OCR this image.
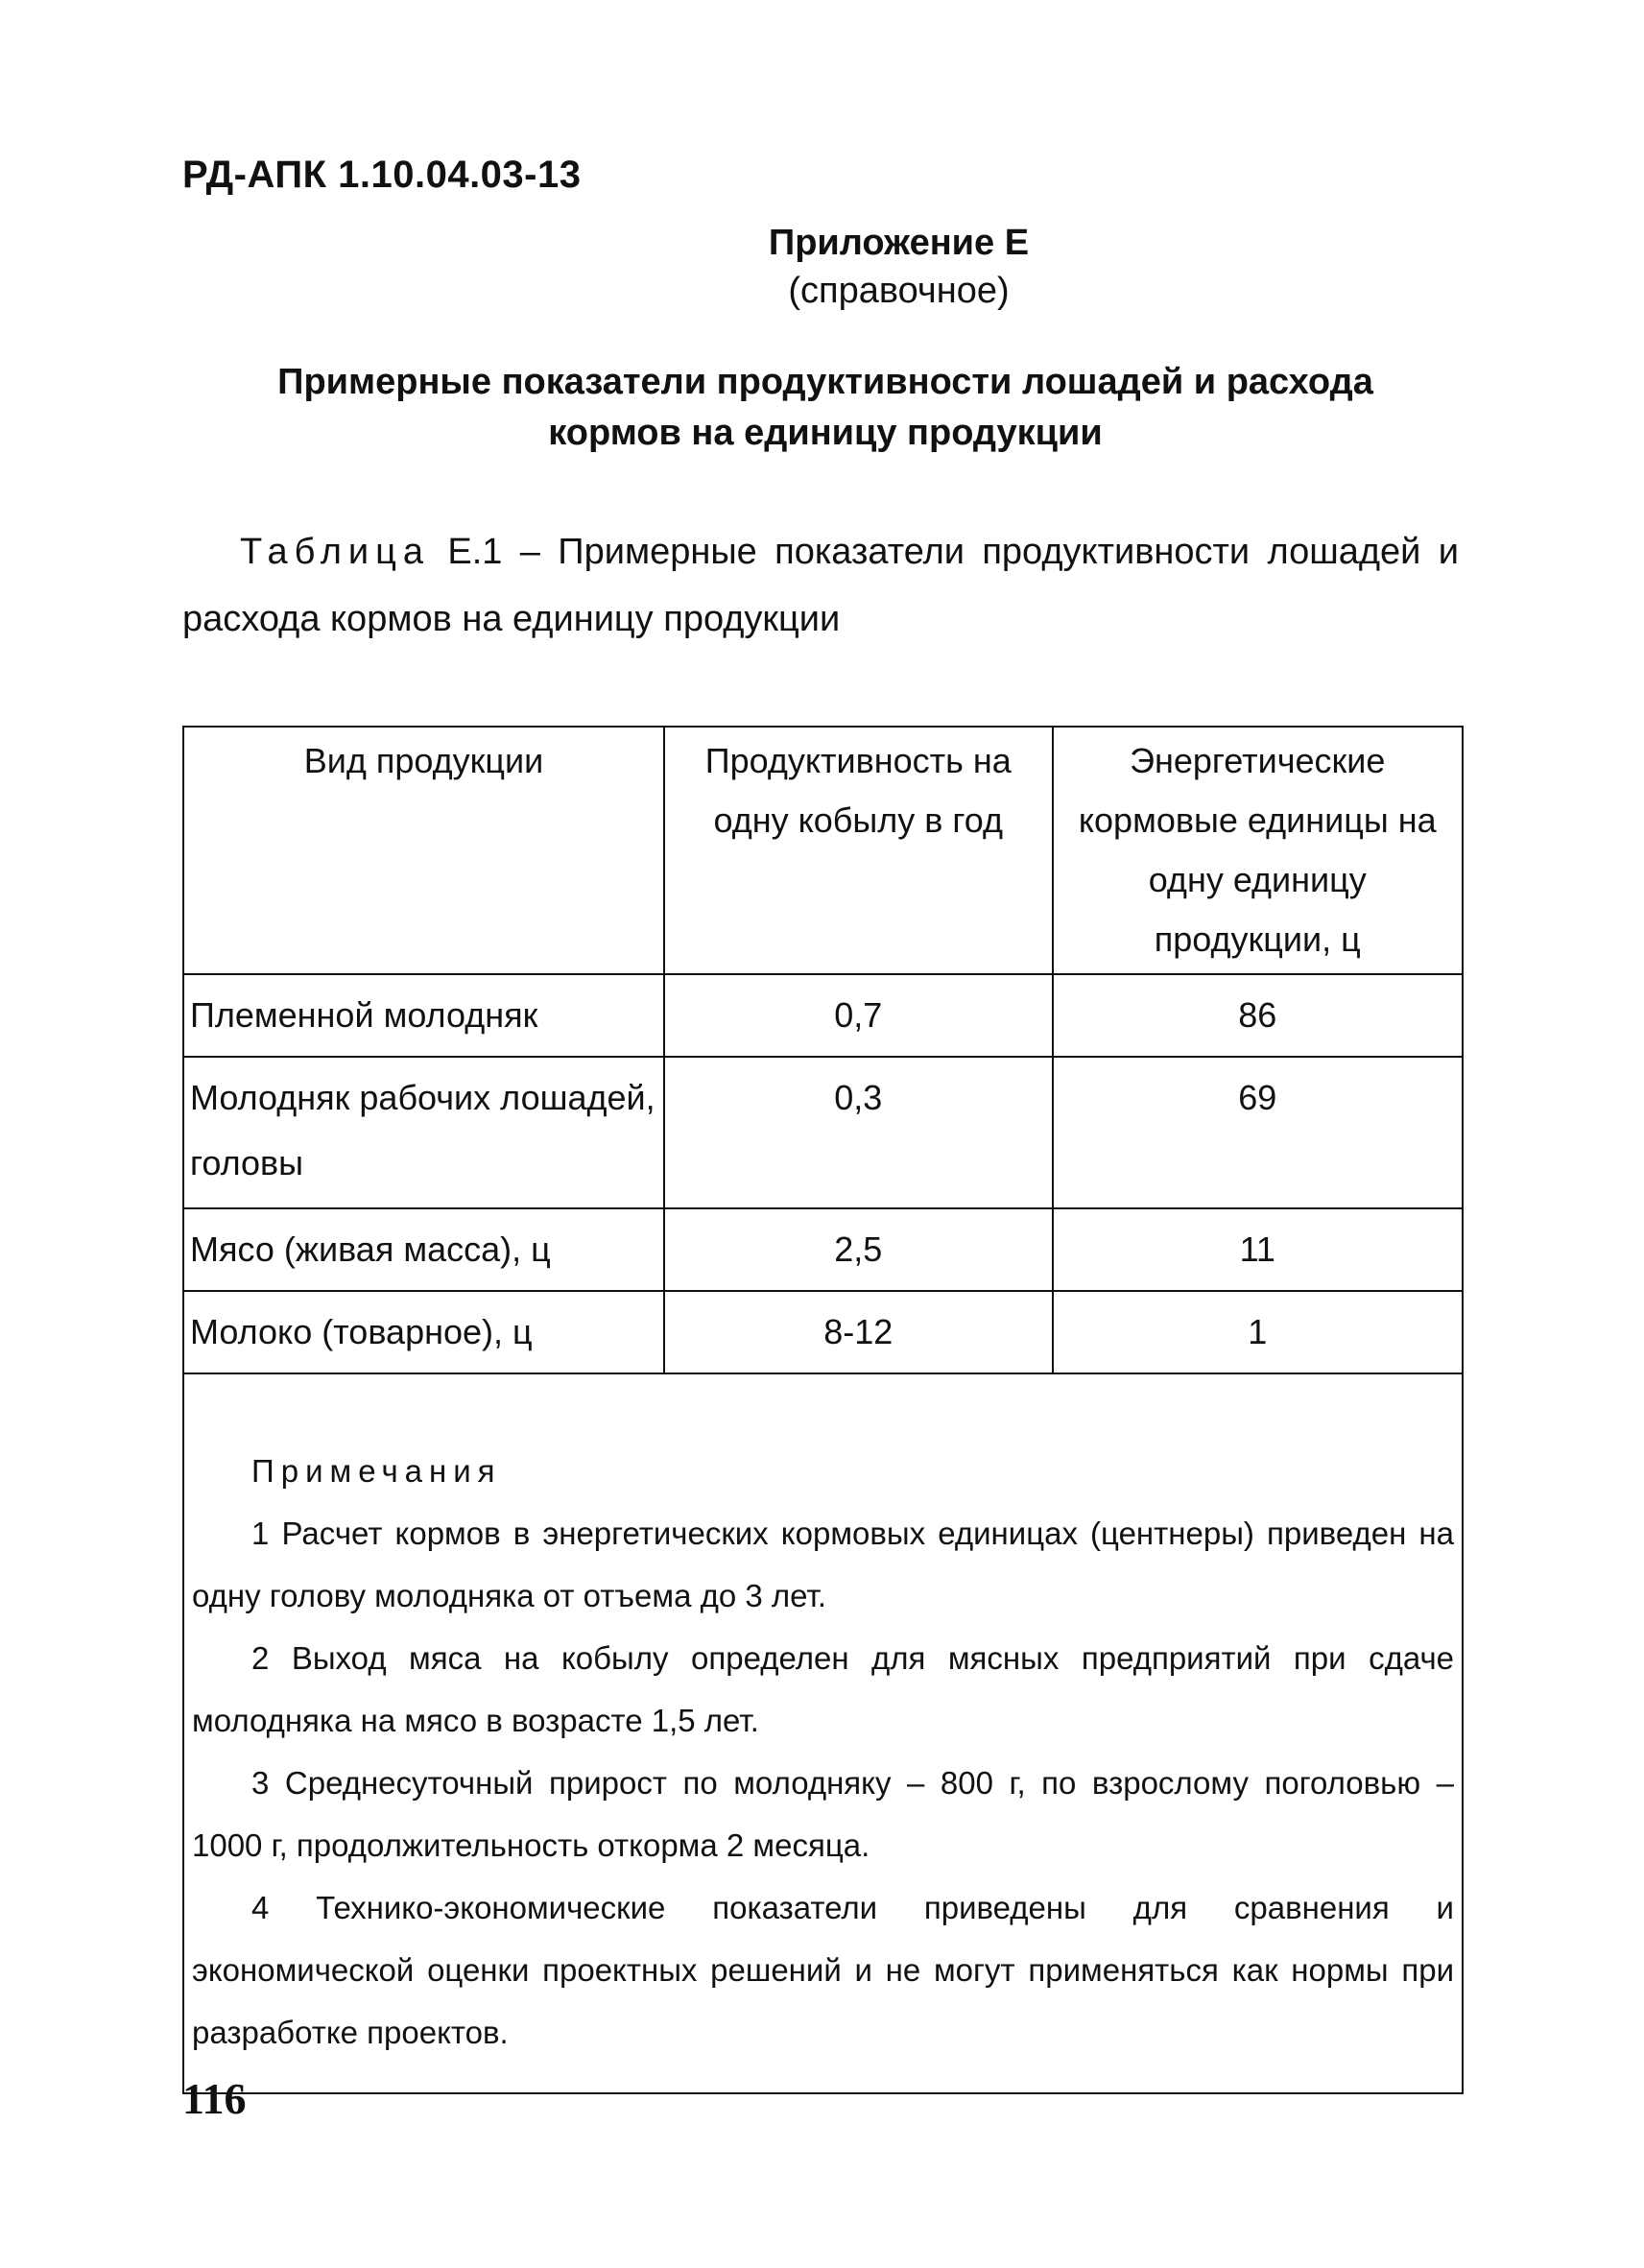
РД-АПК 1.10.04.03-13
Приложение Е
(справочное)
Примерные показатели продуктивности лошадей и расхода
кормов на единицу продукции
Таблица Е.1 – Примерные показатели продуктивности лошадей и расхода кормов на единицу продукции
Вид продукции	Продуктивность на одну кобылу в год	Энергетические кормовые единицы на одну единицу продукции, ц
Племенной молодняк	0,7	86
Молодняк рабочих лошадей, головы	0,3	69
Мясо (живая масса), ц	2,5	11
Молоко (товарное), ц	8-12	1

Примечания
1 Расчет кормов в энергетических кормовых единицах (центнеры) приведен на одну голову молодняка от отъема до 3 лет.
2 Выход мяса на кобылу определен для мясных предприятий при сдаче молодняка на мясо в возрасте 1,5 лет.
3 Среднесуточный прирост по молодняку – 800 г, по взрослому поголовью – 1000 г, продолжительность откорма 2 месяца.
4 Технико-экономические показатели приведены для сравнения и экономической оценки проектных решений и не могут применяться как нормы при разработке проектов.		
116
